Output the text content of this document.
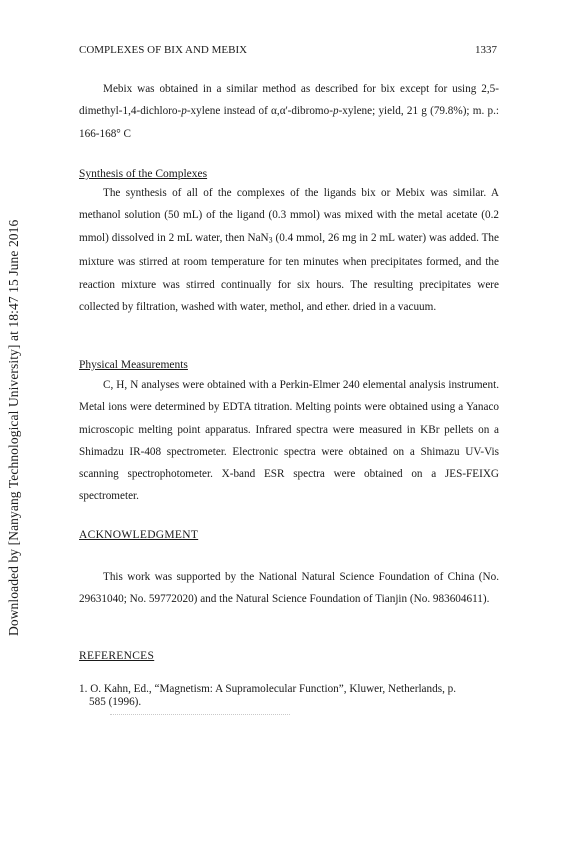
Downloaded by [Nanyang Technological University] at 18:47 15 June 2016
COMPLEXES OF BIX AND MEBIX	1337

Mebix was obtained in a similar method as described for bix except for using 2,5-dimethyl-1,4-dichloro-p-xylene instead of α,α'-dibromo-p-xylene; yield, 21 g (79.8%); m. p.: 166-168° C

Synthesis of the Complexes

The synthesis of all of the complexes of the ligands bix or Mebix was similar. A methanol solution (50 mL) of the ligand (0.3 mmol) was mixed with the metal acetate (0.2 mmol) dissolved in 2 mL water, then NaN$_3$ (0.4 mmol, 26 mg in 2 mL water) was added. The mixture was stirred at room temperature for ten minutes when precipitates formed, and the reaction mixture was stirred continually for six hours. The resulting precipitates were collected by filtration, washed with water, methol, and ether. dried in a vacuum.

Physical Measurements

C, H, N analyses were obtained with a Perkin-Elmer 240 elemental analysis instrument. Metal ions were determined by EDTA titration. Melting points were obtained using a Yanaco microscopic melting point apparatus. Infrared spectra were measured in KBr pellets on a Shimadzu IR-408 spectrometer. Electronic spectra were obtained on a Shimazu UV-Vis scanning spectrophotometer. X-band ESR spectra were obtained on a JES-FEIXG spectrometer.

ACKNOWLEDGMENT

This work was supported by the National Natural Science Foundation of China (No. 29631040; No. 59772020) and the Natural Science Foundation of Tianjin (No. 983604611).

REFERENCES

1. O. Kahn, Ed., “Magnetism: A Supramolecular Function”, Kluwer, Netherlands, p.
585 (1996).
